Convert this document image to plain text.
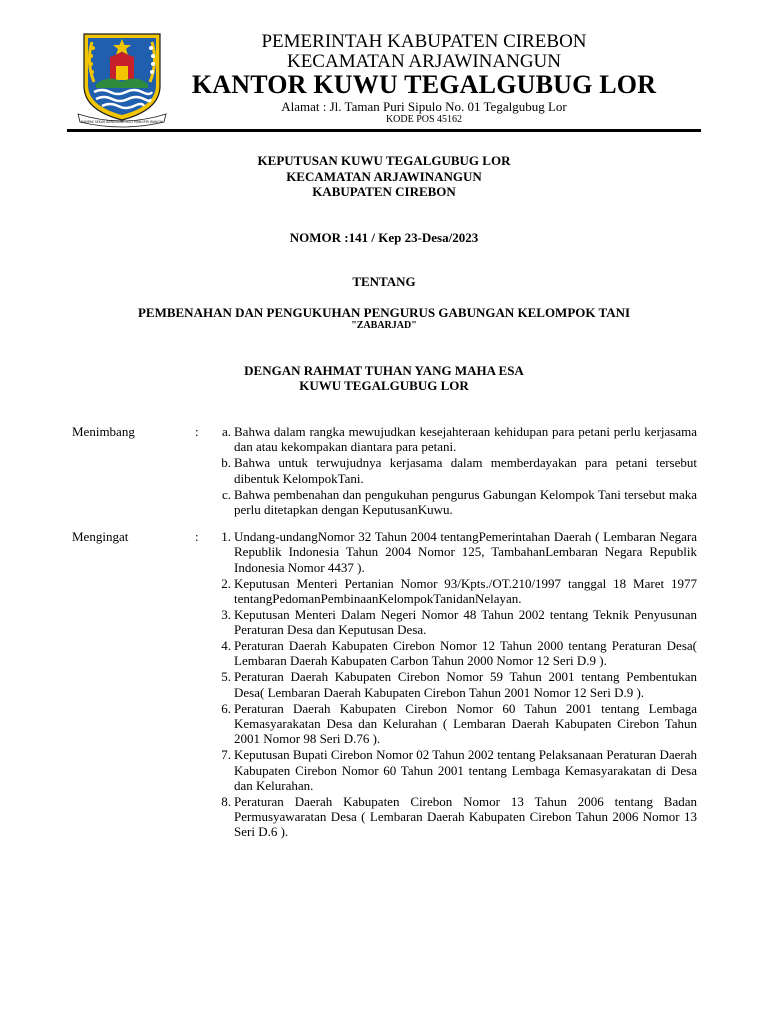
RAMPAK SEKAR BANUSANG SUCI MANGPIR WANGHI
PEMERINTAH KABUPATEN CIREBON
KECAMATAN ARJAWINANGUN
KANTOR KUWU TEGALGUBUG LOR
Alamat : Jl. Taman Puri Sipulo No. 01 Tegalgubug Lor
KODE POS 45162
KEPUTUSAN KUWU TEGALGUBUG LOR
KECAMATAN ARJAWINANGUN
KABUPATEN CIREBON
NOMOR :141 / Kep 23-Desa/2023
TENTANG
PEMBENAHAN DAN PENGUKUHAN PENGURUS GABUNGAN KELOMPOK TANI
"ZABARJAD"
DENGAN RAHMAT TUHAN YANG MAHA ESA
KUWU TEGALGUBUG LOR
Menimbang	:	a. Bahwa dalam rangka mewujudkan kesejahteraan kehidupan para petani perlu kerjasama dan atau kekompakan diantara para petani.
b. Bahwa untuk terwujudnya kerjasama dalam memberdayakan para petani tersebut dibentuk KelompokTani.
c. Bahwa pembenahan dan pengukuhan pengurus Gabungan Kelompok Tani tersebut maka perlu ditetapkan dengan KeputusanKuwu.
Mengingat	:	1. Undang-undangNomor 32 Tahun 2004 tentangPemerintahan Daerah ( Lembaran Negara Republik Indonesia Tahun 2004 Nomor 125, TambahanLembaran Negara Republik Indonesia Nomor 4437 ).
2. Keputusan Menteri Pertanian Nomor 93/Kpts./OT.210/1997 tanggal 18 Maret 1977 tentangPedomanPembinaanKelompokTanidanNelayan.
3. Keputusan Menteri Dalam Negeri Nomor 48 Tahun 2002 tentang Teknik Penyusunan Peraturan Desa dan Keputusan Desa.
4. Peraturan Daerah Kabupaten Cirebon Nomor 12 Tahun 2000 tentang Peraturan Desa( Lembaran Daerah Kabupaten Carbon Tahun 2000 Nomor 12 Seri D.9 ).
5. Peraturan Daerah Kabupaten Cirebon Nomor 59 Tahun 2001 tentang Pembentukan Desa( Lembaran Daerah Kabupaten Cirebon Tahun 2001 Nomor 12 Seri D.9 ).
6. Peraturan Daerah Kabupaten Cirebon Nomor 60 Tahun 2001 tentang Lembaga Kemasyarakatan Desa dan Kelurahan ( Lembaran Daerah Kabupaten Cirebon Tahun 2001 Nomor 98 Seri D.76 ).
7. Keputusan Bupati Cirebon Nomor 02 Tahun 2002 tentang Pelaksanaan Peraturan Daerah Kabupaten Cirebon Nomor 60 Tahun 2001 tentang Lembaga Kemasyarakatan di Desa dan Kelurahan.
8. Peraturan Daerah Kabupaten Cirebon Nomor 13 Tahun 2006 tentang Badan Permusyawaratan Desa ( Lembaran Daerah Kabupaten Cirebon Tahun 2006 Nomor 13 Seri D.6 ).
